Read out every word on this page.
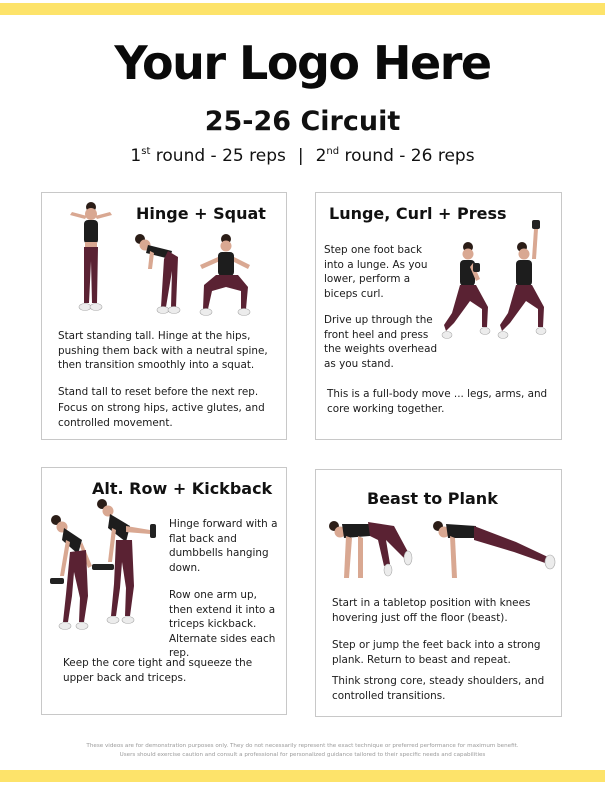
Your Logo Here
25-26 Circuit
1st round - 25 reps | 2nd round - 26 reps
Hinge + Squat
Start standing tall. Hinge at the hips, pushing them back with a neutral spine, then transition smoothly into a squat.
Stand tall to reset before the next rep.
Focus on strong hips, active glutes, and controlled movement.
Lunge, Curl + Press
Step one foot back into a lunge. As you lower, perform a biceps curl.
Drive up through the front heel and press the weights overhead as you stand.
This is a full-body move ... legs, arms, and core working together.
Alt. Row + Kickback
Hinge forward with a flat back and dumbbells hanging down.
Row one arm up, then extend it into a triceps kickback. Alternate sides each rep.
Keep the core tight and squeeze the upper back and triceps.
Beast to Plank
Start in a tabletop position with knees hovering just off the floor (beast).
Step or jump the feet back into a strong plank. Return to beast and repeat.
Think strong core, steady shoulders, and controlled transitions.
These videos are for demonstration purposes only. They do not necessarily represent the exact technique or preferred performance for maximum benefit.
Users should exercise caution and consult a professional for personalized guidance tailored to their specific needs and capabilities
